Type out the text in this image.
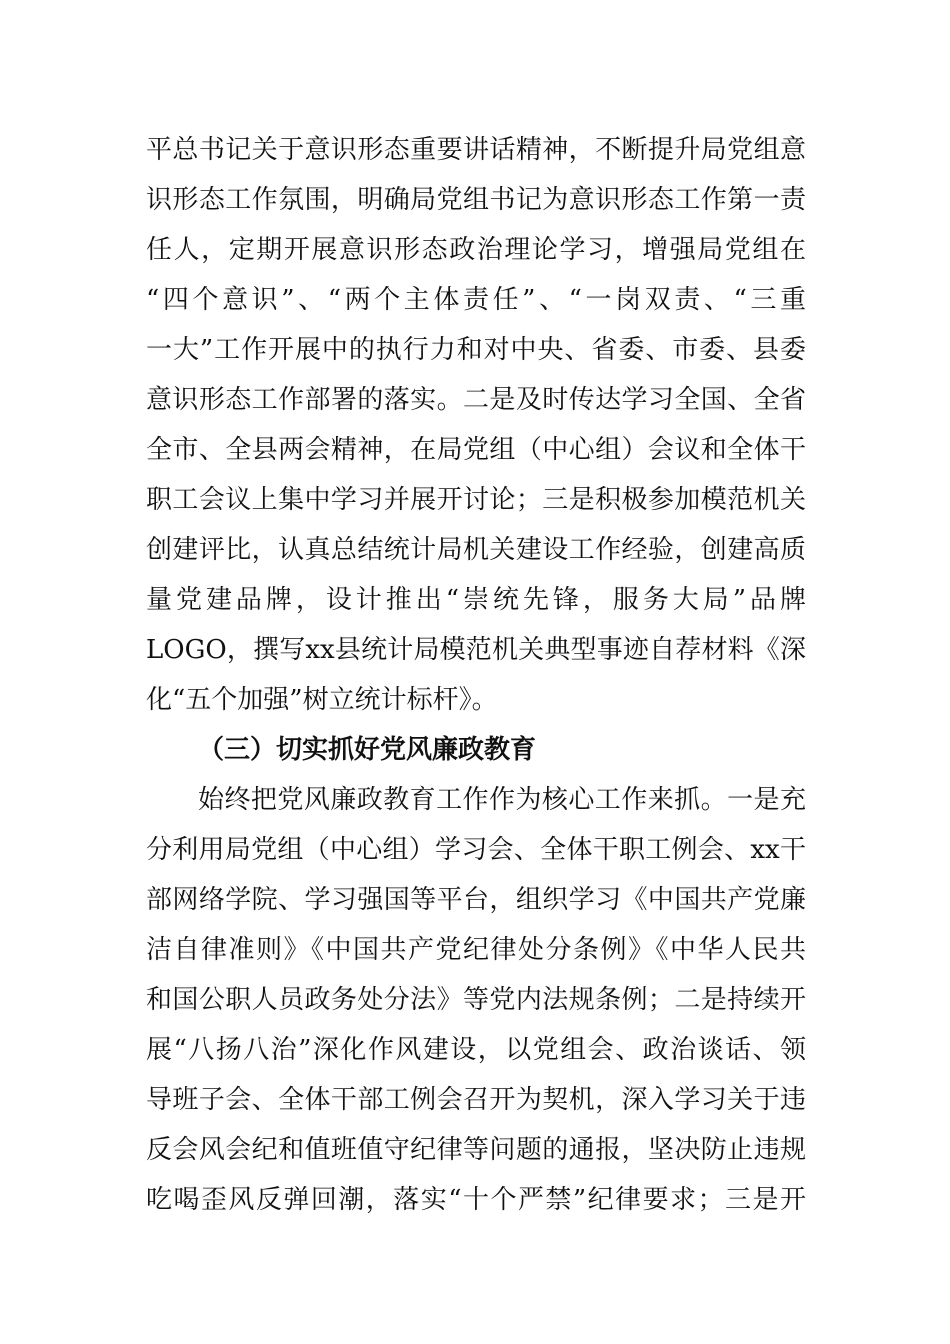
平总书记关于意识形态重要讲话精神，不断提升局党组意
识形态工作氛围，明确局党组书记为意识形态工作第一责
任人，定期开展意识形态政治理论学习，增强局党组在
“四个意识”、“两个主体责任”、“一岗双责、“三重
一大”工作开展中的执行力和对中央、省委、市委、县委
意识形态工作部署的落实。二是及时传达学习全国、全省
全市、全县两会精神，在局党组（中心组）会议和全体干
职工会议上集中学习并展开讨论；三是积极参加模范机关
创建评比，认真总结统计局机关建设工作经验，创建高质
量党建品牌，设计推出“崇统先锋，服务大局”品牌
LOGO，撰写xx县统计局模范机关典型事迹自荐材料《深
化“五个加强”树立统计标杆》。
（三）切实抓好党风廉政教育
始终把党风廉政教育工作作为核心工作来抓。一是充
分利用局党组（中心组）学习会、全体干职工例会、xx干
部网络学院、学习强国等平台，组织学习《中国共产党廉
洁自律准则》《中国共产党纪律处分条例》《中华人民共
和国公职人员政务处分法》等党内法规条例；二是持续开
展“八扬八治”深化作风建设，以党组会、政治谈话、领
导班子会、全体干部工例会召开为契机，深入学习关于违
反会风会纪和值班值守纪律等问题的通报，坚决防止违规
吃喝歪风反弹回潮，落实“十个严禁”纪律要求；三是开
